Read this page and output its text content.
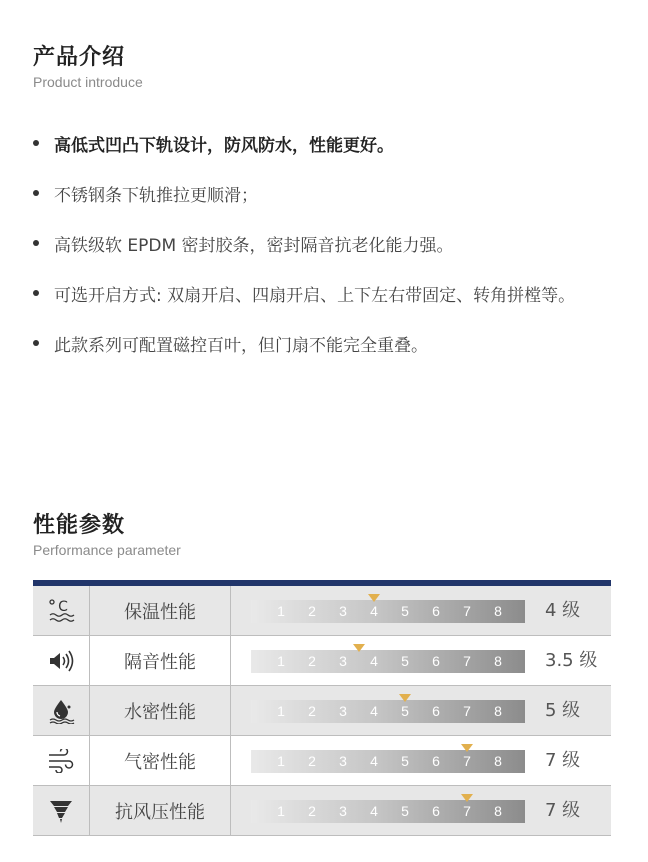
产品介绍
Product introduce
高低式凹凸下轨设计，防风防水，性能更好。
不锈钢条下轨推拉更顺滑；
高铁级软 EPDM 密封胶条，密封隔音抗老化能力强。
可选开启方式: 双扇开启、四扇开启、上下左右带固定、转角拼樘等。
此款系列可配置磁控百叶，但门扇不能完全重叠。
性能参数
Performance parameter
C	保温性能	1	2	3	4	5	6	7	8	4 级
隔音性能	1	2	3	4	5	6	7	8	3.5 级
水密性能	1	2	3	4	5	6	7	8	5 级
气密性能	1	2	3	4	5	6	7	8	7 级
抗风压性能	1	2	3	4	5	6	7	8	7 级
